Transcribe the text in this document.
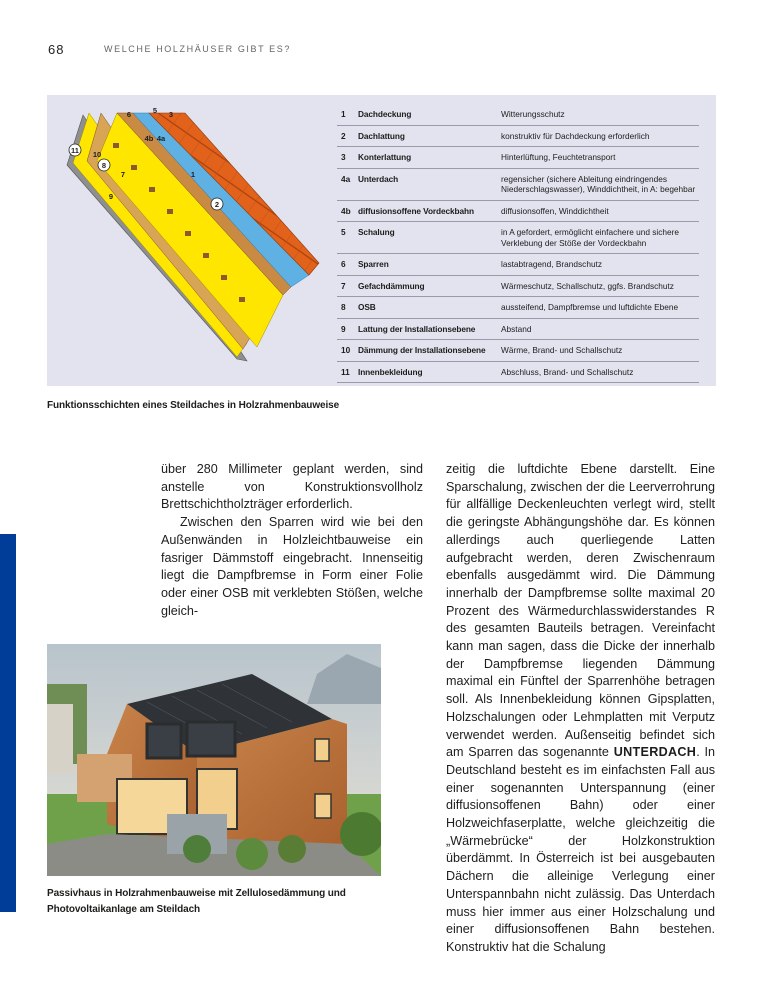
68	WELCHE HOLZHÄUSER GIBT ES?
11 10
9
8
7
6	5
4b 4a
3
2
1
1	Dachdeckung	Witterungsschutz
2	Dachlattung	konstruktiv für Dachdeckung erforderlich
3	Konterlattung	Hinterlüftung, Feuchtetransport
4a	Unterdach	regensicher (sichere Ableitung eindringendes Niederschlagswasser), Winddichtheit, in A: begehbar
4b	diffusionsoffene Vordeckbahn	diffusionsoffen, Winddichtheit
5	Schalung	in A gefordert, ermöglicht einfachere und sichere Verklebung der Stöße der Vordeckbahn
6	Sparren	lastabtragend, Brandschutz
7	Gefachdämmung	Wärmeschutz, Schallschutz, ggfs. Brandschutz
8	OSB	aussteifend, Dampfbremse und luftdichte Ebene
9	Lattung der Installationsebene	Abstand
10	Dämmung der Installationsebene	Wärme, Brand- und Schallschutz
11	Innenbekleidung	Abschluss, Brand- und Schallschutz
Funktionsschichten eines Steildaches in Holzrahmenbauweise

über 280 Millimeter geplant werden, sind anstelle von Konstruktionsvollholz Brettschichtholzträger erforderlich.

Zwischen den Sparren wird wie bei den Außenwänden in Holzleichtbauweise ein fasriger Dämmstoff eingebracht. Innenseitig liegt die Dampfbremse in Form einer Folie oder einer OSB mit verklebten Stößen, welche gleich-

zeitig die luftdichte Ebene darstellt. Eine Sparschalung, zwischen der die Leerverrohrung für allfällige Deckenleuchten verlegt wird, stellt die geringste Abhängungshöhe dar. Es können allerdings auch querliegende Latten aufgebracht werden, deren Zwischenraum ebenfalls ausgedämmt wird. Die Dämmung innerhalb der Dampfbremse sollte maximal 20 Prozent des Wärmedurchlasswiderstandes R des gesamten Bauteils betragen. Vereinfacht kann man sagen, dass die Dicke der innerhalb der Dampfbremse liegenden Dämmung maximal ein Fünftel der Sparrenhöhe betragen soll. Als Innenbekleidung können Gipsplatten, Holzschalungen oder Lehmplatten mit Verputz verwendet werden. Außenseitig befindet sich am Sparren das sogenannte UNTERDACH. In Deutschland besteht es im einfachsten Fall aus einer sogenannten Unterspannung (einer diffusionsoffenen Bahn) oder einer Holzweichfaserplatte, welche gleichzeitig die „Wärmebrücke“ der Holzkonstruktion überdämmt. In Österreich ist bei ausgebauten Dächern die alleinige Verlegung einer Unterspannbahn nicht zulässig. Das Unterdach muss hier immer aus einer Holzschalung und einer diffusionsoffenen Bahn bestehen. Konstruktiv hat die Schalung

Passivhaus in Holzrahmenbauweise mit Zellulosedämmung und Photovoltaikanlage am Steildach
